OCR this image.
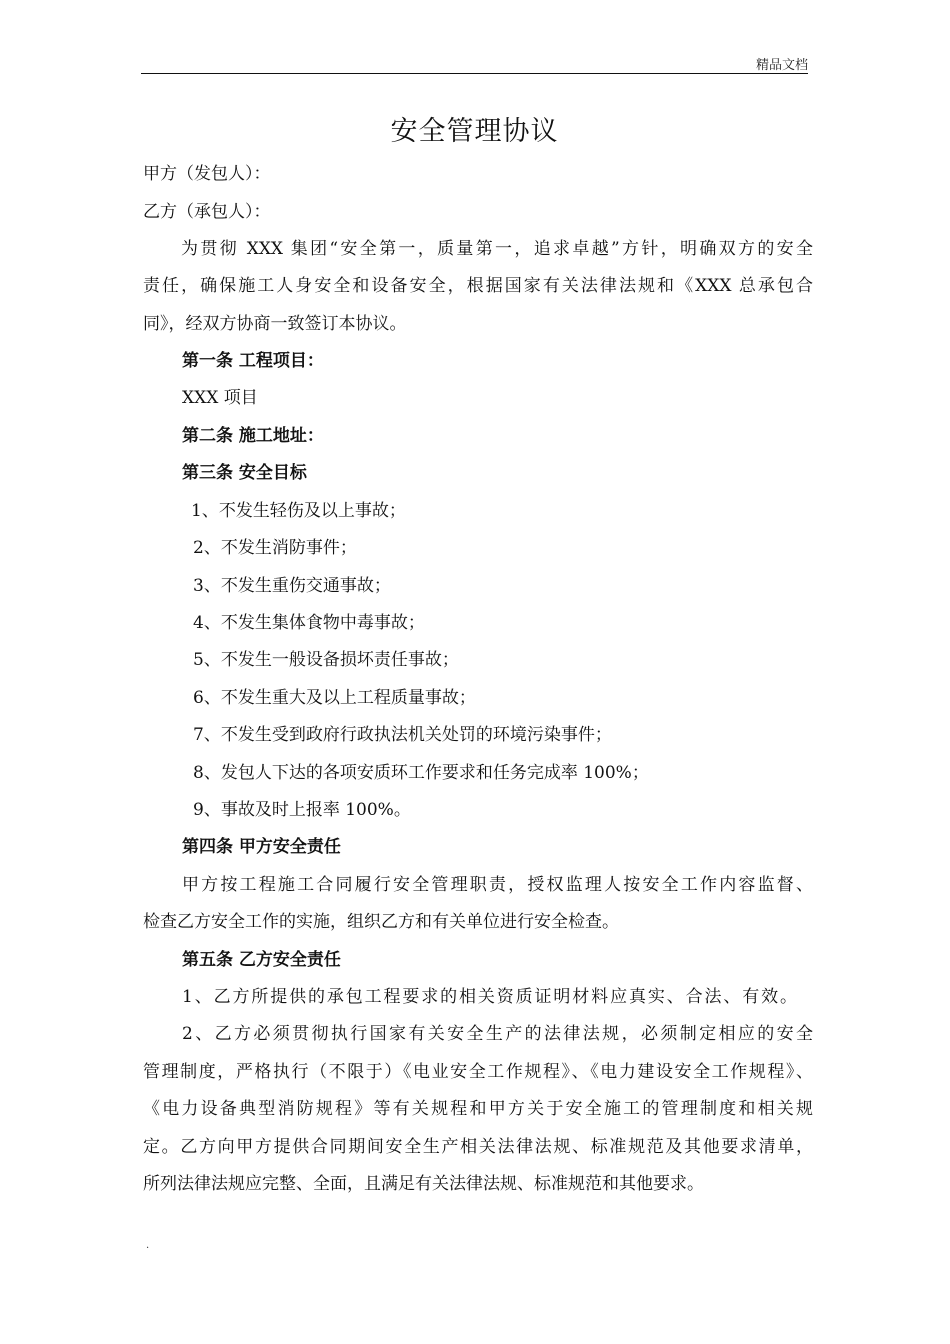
精品文档
安全管理协议
甲方（发包人）：
乙方（承包人）：
为贯彻 XXX 集团“安全第一，质量第一，追求卓越”方针，明确双方的安全
责任，确保施工人身安全和设备安全，根据国家有关法律法规和《XXX 总承包合
同》，经双方协商一致签订本协议。
第一条 工程项目：
XXX 项目
第二条 施工地址：
第三条 安全目标
1、不发生轻伤及以上事故；
2、不发生消防事件；
3、不发生重伤交通事故；
4、不发生集体食物中毒事故；
5、不发生一般设备损坏责任事故；
6、不发生重大及以上工程质量事故；
7、不发生受到政府行政执法机关处罚的环境污染事件；
8、发包人下达的各项安质环工作要求和任务完成率 100%；
9、事故及时上报率 100%。
第四条 甲方安全责任
甲方按工程施工合同履行安全管理职责，授权监理人按安全工作内容监督、
检查乙方安全工作的实施，组织乙方和有关单位进行安全检查。
第五条 乙方安全责任
1、乙方所提供的承包工程要求的相关资质证明材料应真实、合法、有效。
2、乙方必须贯彻执行国家有关安全生产的法律法规，必须制定相应的安全
管理制度，严格执行（不限于）《电业安全工作规程》、《电力建设安全工作规程》、
《电力设备典型消防规程》等有关规程和甲方关于安全施工的管理制度和相关规
定。乙方向甲方提供合同期间安全生产相关法律法规、标准规范及其他要求清单，
所列法律法规应完整、全面，且满足有关法律法规、标准规范和其他要求。
.
